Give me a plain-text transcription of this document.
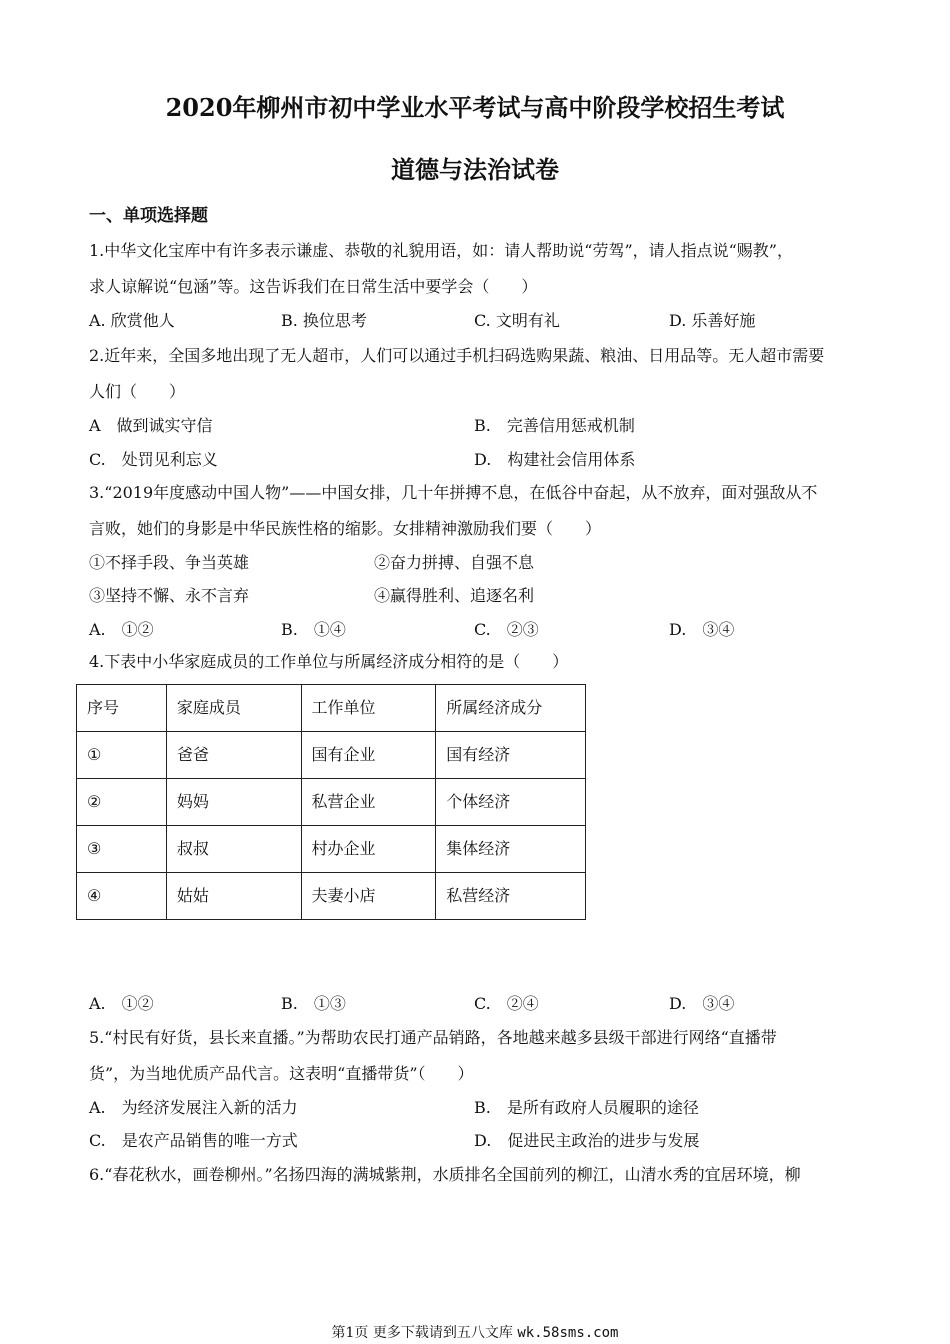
2020年柳州市初中学业水平考试与高中阶段学校招生考试
道德与法治试卷
一、单项选择题
1.中华文化宝库中有许多表示谦虚、恭敬的礼貌用语，如：请人帮助说“劳驾”，请人指点说“赐教”，
求人谅解说“包涵”等。这告诉我们在日常生活中要学会（　　）
A. 欣赏他人	B. 换位思考	C. 文明有礼	D. 乐善好施
2.近年来，全国多地出现了无人超市，人们可以通过手机扫码选购果蔬、粮油、日用品等。无人超市需要
人们（　　）
A　做到诚实守信	B.　完善信用惩戒机制
C.　处罚见利忘义	D.　构建社会信用体系
3.“2019年度感动中国人物”——中国女排，几十年拼搏不息，在低谷中奋起，从不放弃，面对强敌从不
言败，她们的身影是中华民族性格的缩影。女排精神激励我们要（　　）
①不择手段、争当英雄	②奋力拼搏、自强不息
③坚持不懈、永不言弃	④赢得胜利、追逐名利
A.　①②	B.　①④	C.　②③	D.　③④
4.下表中小华家庭成员的工作单位与所属经济成分相符的是（　　）
序号	家庭成员	工作单位	所属经济成分
①	爸爸	国有企业	国有经济
②	妈妈	私营企业	个体经济
③	叔叔	村办企业	集体经济
④	姑姑	夫妻小店	私营经济
A.　①②	B.　①③	C.　②④	D.　③④
5.“村民有好货，县长来直播。”为帮助农民打通产品销路，各地越来越多县级干部进行网络“直播带
货”，为当地优质产品代言。这表明“直播带货”（　　）
A.　为经济发展注入新的活力	B.　是所有政府人员履职的途径
C.　是农产品销售的唯一方式	D.　促进民主政治的进步与发展
6.“春花秋水，画卷柳州。”名扬四海的满城紫荆，水质排名全国前列的柳江，山清水秀的宜居环境，柳
第1页 更多下载请到五八文库 wk.58sms.com
